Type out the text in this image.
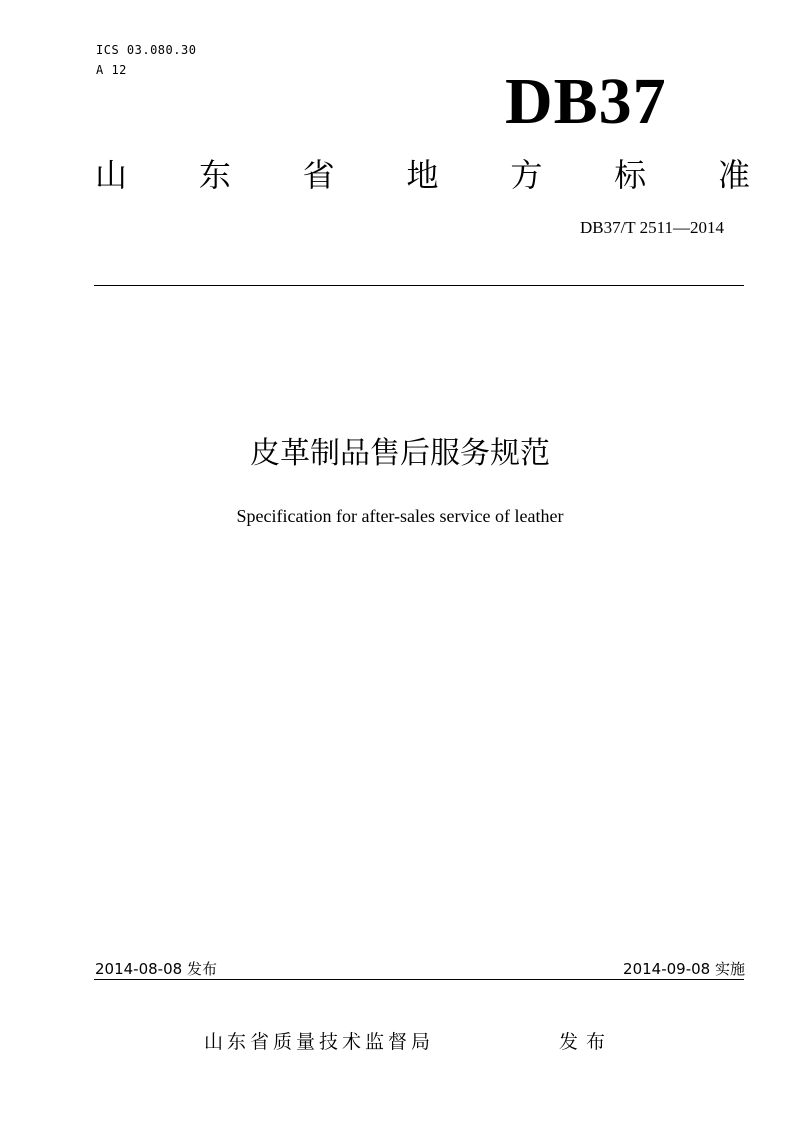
ICS 03.080.30
A 12	DB37
山 东 省 地 方 标 准
DB37/T 2511—2014
皮革制品售后服务规范
Specification for after-sales service of leather
2014-08-08 发布	2014-09-08 实施
山东省质量技术监督局	发布
